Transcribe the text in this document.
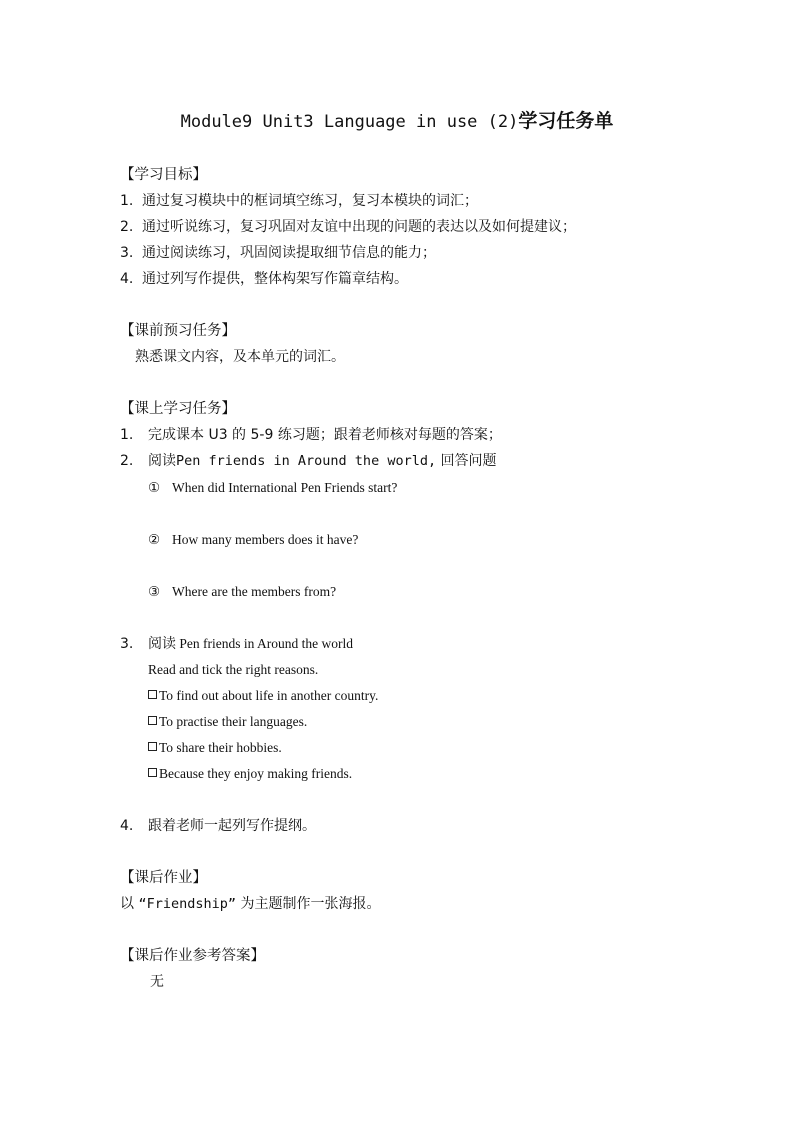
Module9 Unit3 Language in use (2)学习任务单
【学习目标】
1. 通过复习模块中的框词填空练习，复习本模块的词汇；
2. 通过听说练习，复习巩固对友谊中出现的问题的表达以及如何提建议；
3. 通过阅读练习，巩固阅读提取细节信息的能力；
4. 通过列写作提供，整体构架写作篇章结构。
【课前预习任务】
熟悉课文内容，及本单元的词汇。
【课上学习任务】
1. 完成课本 U3 的 5-9 练习题；跟着老师核对每题的答案；
2. 阅读Pen friends in Around the world, 回答问题
① When did International Pen Friends start?
② How many members does it have?
③ Where are the members from?
3. 阅读 Pen friends in Around the world
Read and tick the right reasons.
To find out about life in another country.
To practise their languages.
To share their hobbies.
Because they enjoy making friends.
4. 跟着老师一起列写作提纲。
【课后作业】
以 “Friendship” 为主题制作一张海报。
【课后作业参考答案】
无
